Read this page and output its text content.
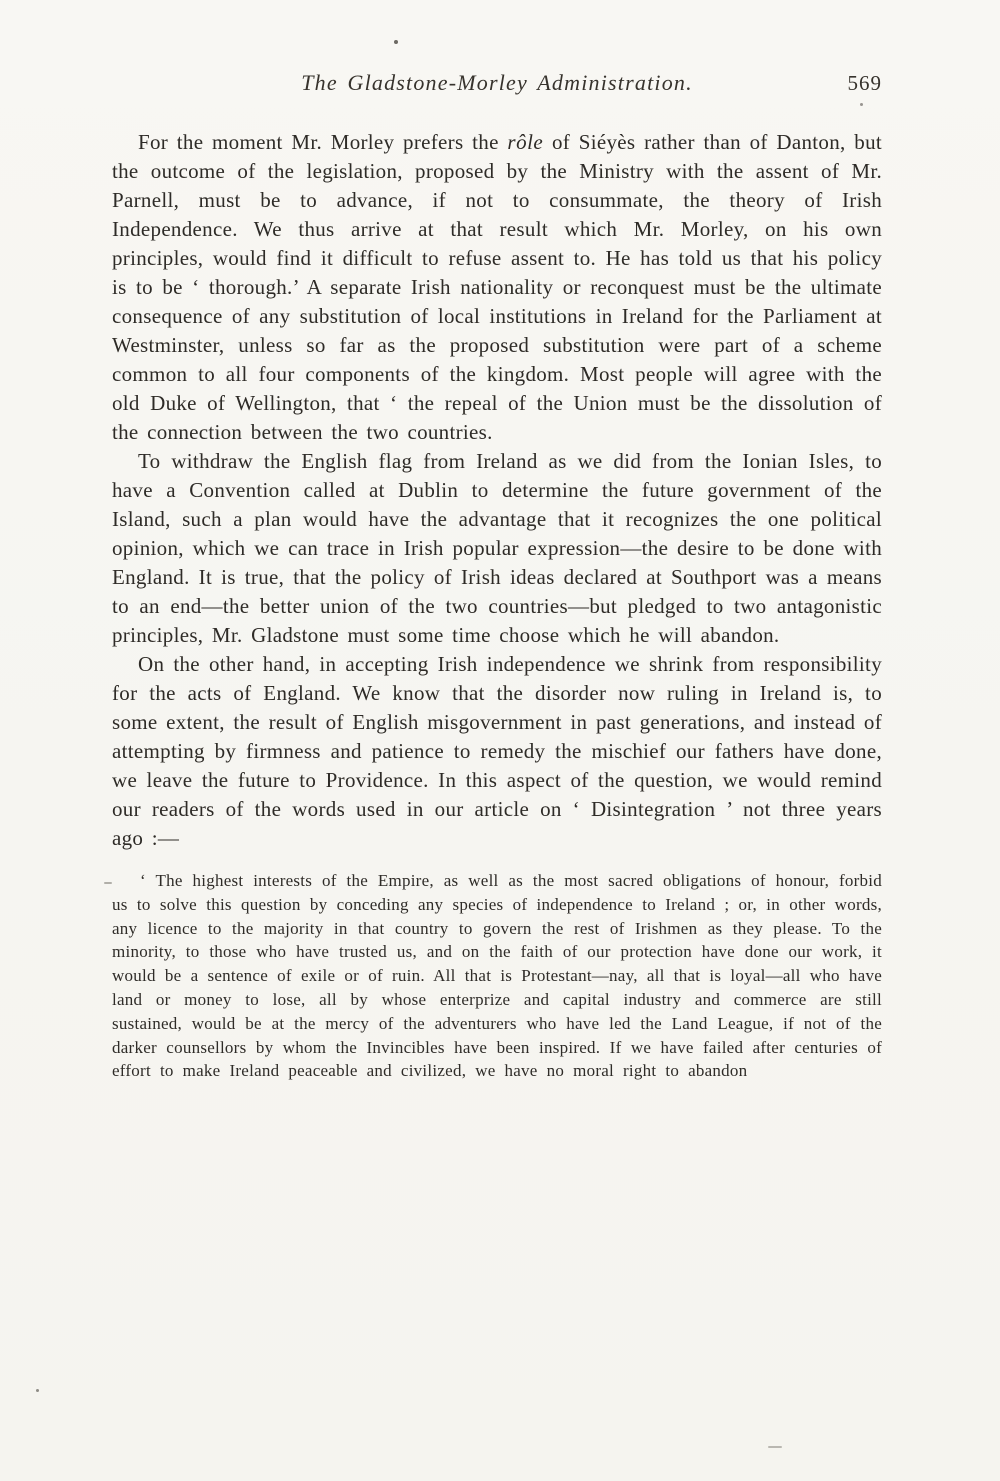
The Gladstone-Morley Administration.	569

For the moment Mr. Morley prefers the rôle of Siéyès rather than of Danton, but the outcome of the legislation, proposed by the Ministry with the assent of Mr. Parnell, must be to advance, if not to consummate, the theory of Irish Independence. We thus arrive at that result which Mr. Morley, on his own principles, would find it difficult to refuse assent to. He has told us that his policy is to be ‘ thorough.’ A separate Irish nationality or reconquest must be the ultimate consequence of any substitution of local institutions in Ireland for the Parliament at Westminster, unless so far as the proposed substitution were part of a scheme common to all four components of the kingdom. Most people will agree with the old Duke of Wellington, that ‘ the repeal of the Union must be the dissolution of the connection between the two countries.

To withdraw the English flag from Ireland as we did from the Ionian Isles, to have a Convention called at Dublin to determine the future government of the Island, such a plan would have the advantage that it recognizes the one political opinion, which we can trace in Irish popular expression—the desire to be done with England. It is true, that the policy of Irish ideas declared at Southport was a means to an end—the better union of the two countries—but pledged to two antagonistic principles, Mr. Gladstone must some time choose which he will abandon.

On the other hand, in accepting Irish independence we shrink from responsibility for the acts of England. We know that the disorder now ruling in Ireland is, to some extent, the result of English misgovernment in past generations, and instead of attempting by firmness and patience to remedy the mischief our fathers have done, we leave the future to Providence. In this aspect of the question, we would remind our readers of the words used in our article on ‘ Disintegration ’ not three years ago :—

‘ The highest interests of the Empire, as well as the most sacred obligations of honour, forbid us to solve this question by conceding any species of independence to Ireland ; or, in other words, any licence to the majority in that country to govern the rest of Irishmen as they please. To the minority, to those who have trusted us, and on the faith of our protection have done our work, it would be a sentence of exile or of ruin. All that is Protestant—nay, all that is loyal—all who have land or money to lose, all by whose enterprize and capital industry and commerce are still sustained, would be at the mercy of the adventurers who have led the Land League, if not of the darker counsellors by whom the Invincibles have been inspired. If we have failed after centuries of effort to make Ireland peaceable and civilized, we have no moral right to abandon
